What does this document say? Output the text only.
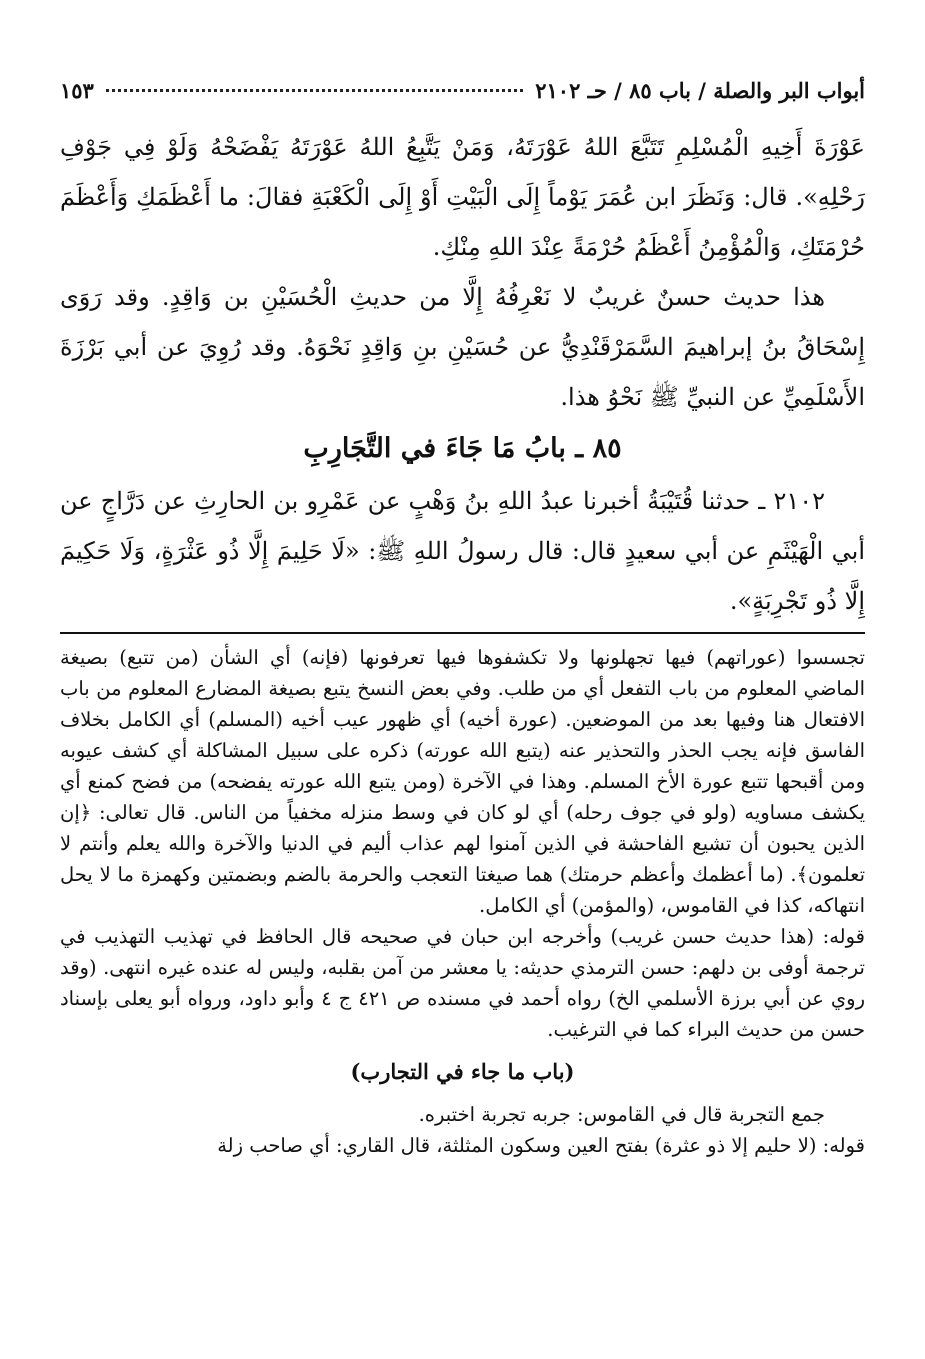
أبواب البر والصلة / باب ٨٥ / حـ ٢١٠٢
١٥٣

عَوْرَةَ أَخِيهِ الْمُسْلِمِ تَتَبَّعَ اللهُ عَوْرَتَهُ، وَمَنْ يَتَّبِعُ اللهُ عَوْرَتَهُ يَفْضَحْهُ وَلَوْ فِي جَوْفِ رَحْلِهِ». قال: وَنَظَرَ ابن عُمَرَ يَوْماً إِلَى الْبَيْتِ أَوْ إِلَى الْكَعْبَةِ فقالَ: ما أَعْظَمَكِ وَأَعْظَمَ حُرْمَتَكِ، وَالْمُؤْمِنُ أَعْظَمُ حُرْمَةً عِنْدَ اللهِ مِنْكِ.

هذا حديث حسنٌ غريبٌ لا نَعْرِفُهُ إِلَّا من حديثِ الْحُسَيْنِ بن وَاقِدٍ. وقد رَوَى إِسْحَاقُ بنُ إبراهيمَ السَّمَرْقَنْدِيُّ عن حُسَيْنِ بنِ وَاقِدٍ نَحْوَهُ. وقد رُوِيَ عن أبي بَرْزَةَ الأَسْلَمِيِّ عن النبيِّ ﷺ نَحْوُ هذا.

٨٥ ـ بابُ مَا جَاءَ في التَّجَارِبِ

٢١٠٢ ـ حدثنا قُتَيْبَةُ أخبرنا عبدُ اللهِ بنُ وَهْبٍ عن عَمْرِو بن الحارِثِ عن دَرَّاجٍ عن أبي الْهَيْثَمِ عن أبي سعيدٍ قال: قال رسولُ اللهِ ﷺ: «لَا حَلِيمَ إِلَّا ذُو عَثْرَةٍ، وَلَا حَكِيمَ إِلَّا ذُو تَجْرِبَةٍ».

تجسسوا (عوراتهم) فيها تجهلونها ولا تكشفوها فيها تعرفونها (فإنه) أي الشأن (من تتبع) بصيغة الماضي المعلوم من باب التفعل أي من طلب. وفي بعض النسخ يتبع بصيغة المضارع المعلوم من باب الافتعال هنا وفيها بعد من الموضعين. (عورة أخيه) أي ظهور عيب أخيه (المسلم) أي الكامل بخلاف الفاسق فإنه يجب الحذر والتحذير عنه (يتبع الله عورته) ذكره على سبيل المشاكلة أي كشف عيوبه ومن أقبحها تتبع عورة الأخ المسلم. وهذا في الآخرة (ومن يتبع الله عورته يفضحه) من فضح كمنع أي يكشف مساويه (ولو في جوف رحله) أي لو كان في وسط منزله مخفياً من الناس. قال تعالى: ﴿إن الذين يحبون أن تشيع الفاحشة في الذين آمنوا لهم عذاب أليم في الدنيا والآخرة والله يعلم وأنتم لا تعلمون﴾. (ما أعظمك وأعظم حرمتك) هما صيغتا التعجب والحرمة بالضم وبضمتين وكهمزة ما لا يحل انتهاكه، كذا في القاموس، (والمؤمن) أي الكامل.

قوله: (هذا حديث حسن غريب) وأخرجه ابن حبان في صحيحه قال الحافظ في تهذيب التهذيب في ترجمة أوفى بن دلهم: حسن الترمذي حديثه: يا معشر من آمن بقلبه، وليس له عنده غيره انتهى. (وقد روي عن أبي برزة الأسلمي الخ) رواه أحمد في مسنده ص ٤٢١ ج ٤ وأبو داود، ورواه أبو يعلى بإسناد حسن من حديث البراء كما في الترغيب.

(باب ما جاء في التجارب)

جمع التجربة قال في القاموس: جربه تجربة اختبره.

قوله: (لا حليم إلا ذو عثرة) بفتح العين وسكون المثلثة، قال القاري: أي صاحب زلة
